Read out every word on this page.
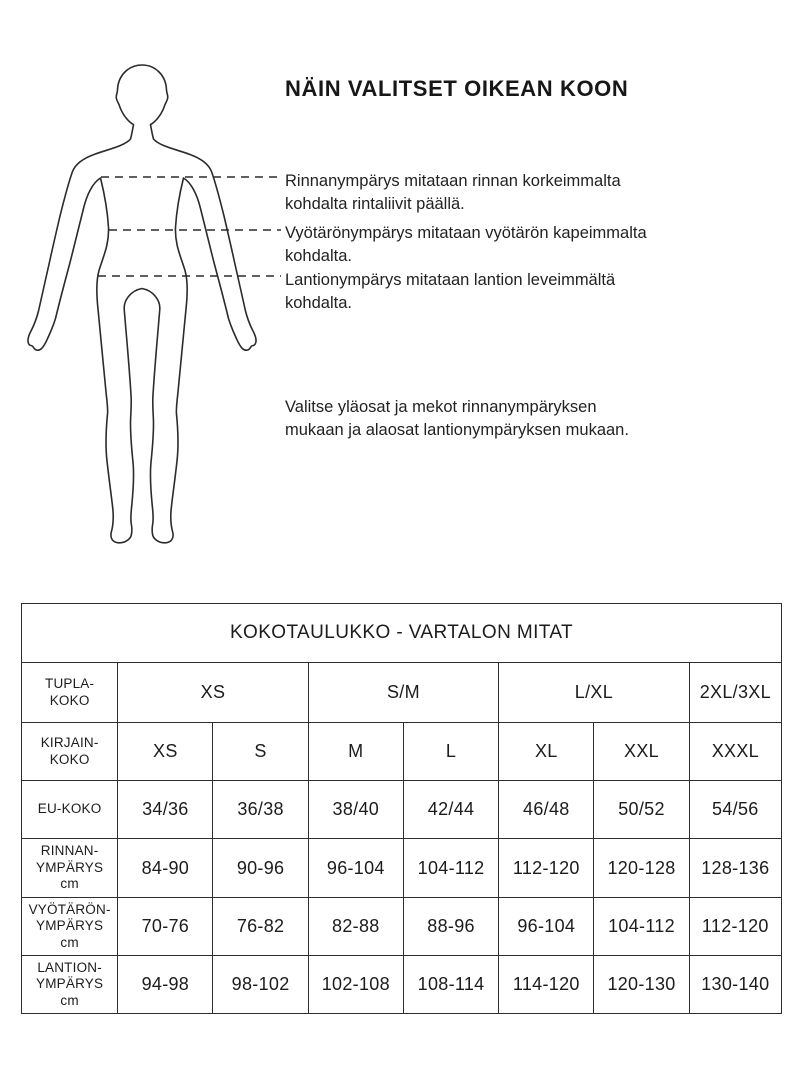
NÄIN VALITSET OIKEAN KOON
Rinnanympärys mitataan rinnan korkeimmalta
kohdalta rintaliivit päällä.
Vyötärönympärys mitataan vyötärön kapeimmalta
kohdalta.
Lantionympärys mitataan lantion leveimmältä
kohdalta.
Valitse yläosat ja mekot rinnanympäryksen
mukaan ja alaosat lantionympäryksen mukaan.
KOKOTAULUKKO - VARTALON MITAT							

TUPLA-
KOKO	XS		S/M		L/XL		2XL/3XL

KIRJAIN-
KOKO	XS	S	M	L	XL	XXL	XXXL
EU-KOKO	34/36	36/38	38/40	42/44	46/48	50/52	54/56

RINNAN-
YMPÄRYS
cm	84-90	90-96	96-104	104-112	112-120	120-128	128-136

VYÖTÄRÖN-
YMPÄRYS
cm	70-76	76-82	82-88	88-96	96-104	104-112	112-120

LANTION-
YMPÄRYS
cm	94-98	98-102	102-108	108-114	114-120	120-130	130-140
